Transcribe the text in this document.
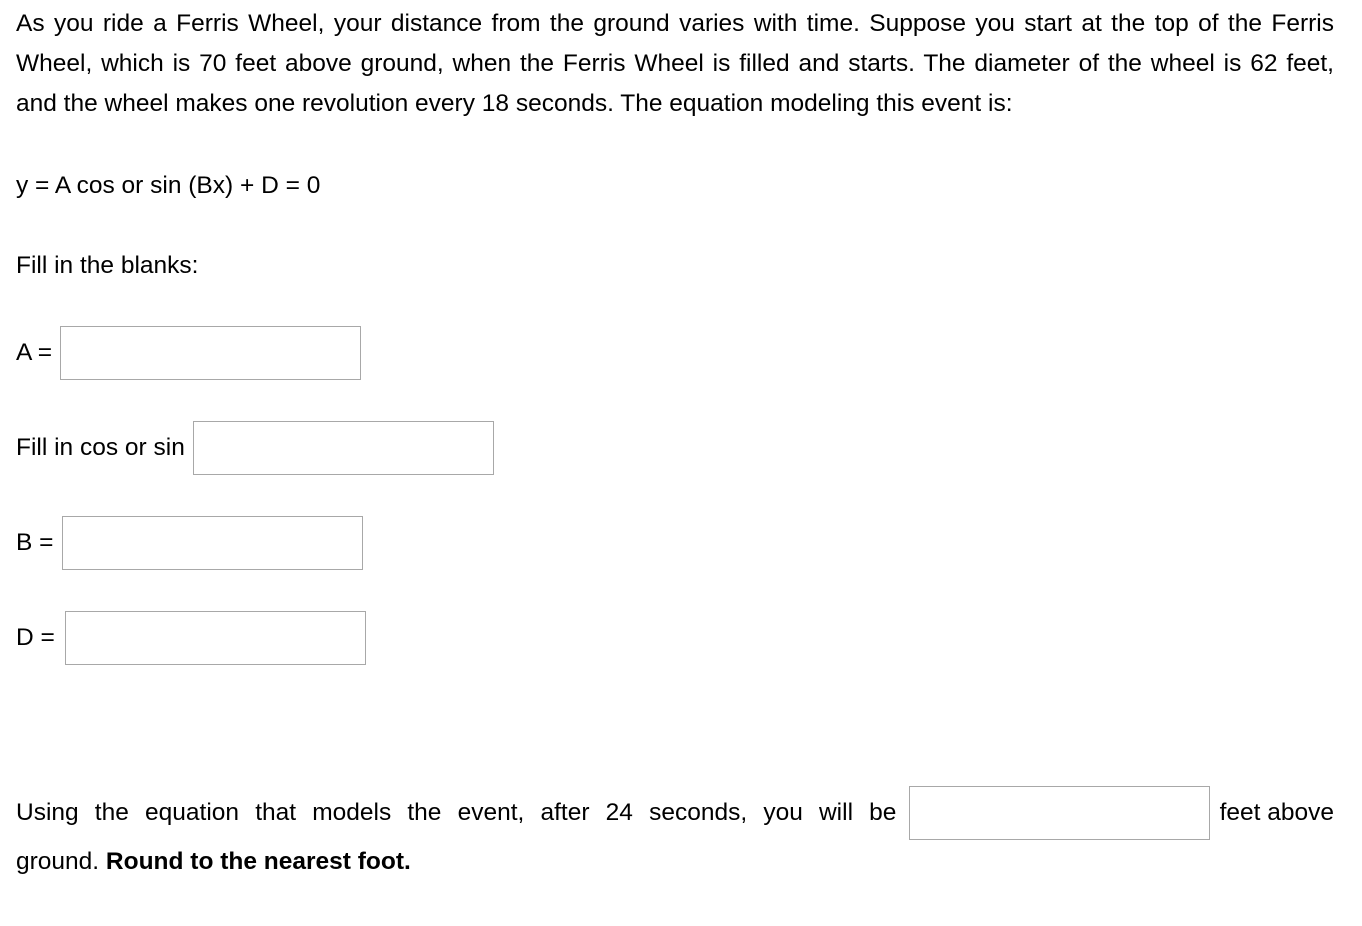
As you ride a Ferris Wheel, your distance from the ground varies with time. Suppose you start at the top of the Ferris Wheel, which is 70 feet above ground, when the Ferris Wheel is filled and starts. The diameter of the wheel is 62 feet, and the wheel makes one revolution every 18 seconds. The equation modeling this event is:

y = A cos or sin (Bx) + D = 0

Fill in the blanks:

A =
Fill in cos or sin
B =
D =
Using the equation that models the event, after 24 seconds, you will be	feet above
ground. Round to the nearest foot.
